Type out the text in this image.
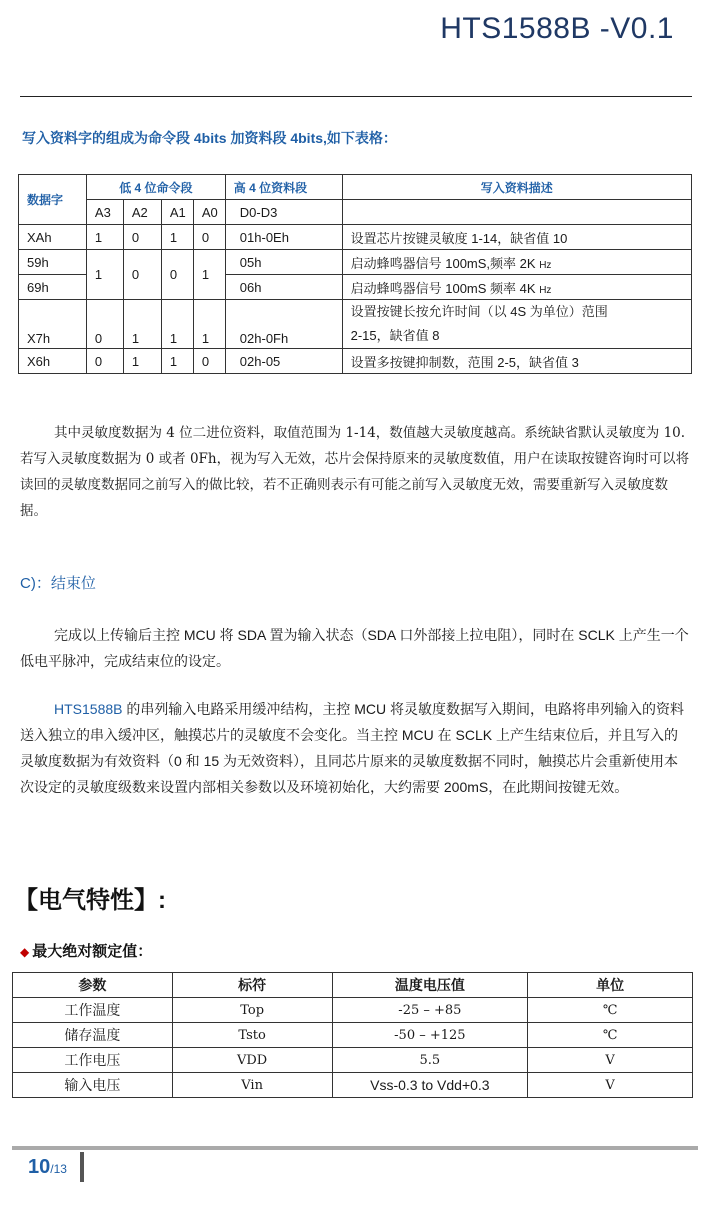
HTS1588B -V0.1
写入资料字的组成为命令段 4bits 加资料段 4bits,如下表格：
数据字	低 4 位命令段				高 4 位资料段	写入资料描述
	A3	A2	A1	A0	D0-D3	
XAh	1	0	1	0	01h-0Eh	设置芯片按键灵敏度 1-14，缺省值 10
59h	1	0	0	1	05h	启动蜂鸣器信号 100mS,频率 2K Hz
69h					06h	启动蜂鸣器信号 100mS 频率 4K Hz
X7h	0	1	1	1	02h-0Fh	设置按键长按允许时间（以 4S 为单位）范围
2-15，缺省值 8

X6h	0	1	1	0	02h-05	设置多按键抑制数，范围 2-5，缺省值 3

其中灵敏度数据为 4 位二进位资料，取值范围为 1-14，数值越大灵敏度越高。系统缺省默认灵敏度为 10.若写入灵敏度数据为 0 或者 0Fh，视为写入无效，芯片会保持原来的灵敏度数值，用户在读取按键咨询时可以将读回的灵敏度数据同之前写入的做比较，若不正确则表示有可能之前写入灵敏度无效，需要重新写入灵敏度数据。

C)：结束位

完成以上传输后主控 MCU 将 SDA 置为输入状态（SDA 口外部接上拉电阻），同时在 SCLK 上产生一个低电平脉冲，完成结束位的设定。

HTS1588B 的串列输入电路采用缓冲结构，主控 MCU 将灵敏度数据写入期间，电路将串列输入的资料送入独立的串入缓冲区，触摸芯片的灵敏度不会变化。当主控 MCU 在 SCLK 上产生结束位后，并且写入的灵敏度数据为有效资料（0 和 15 为无效资料），且同芯片原来的灵敏度数据不同时，触摸芯片会重新使用本次设定的灵敏度级数来设置内部相关参数以及环境初始化，大约需要 200mS，在此期间按键无效。

【电气特性】:
◆ 最大绝对额定值：
参数	标符	温度电压值	单位
工作温度	Top	-25 – +85	℃
储存温度	Tsto	-50 – +125	℃
工作电压	VDD	5.5	V
输入电压	Vin	Vss-0.3 to Vdd+0.3	V
10/13
